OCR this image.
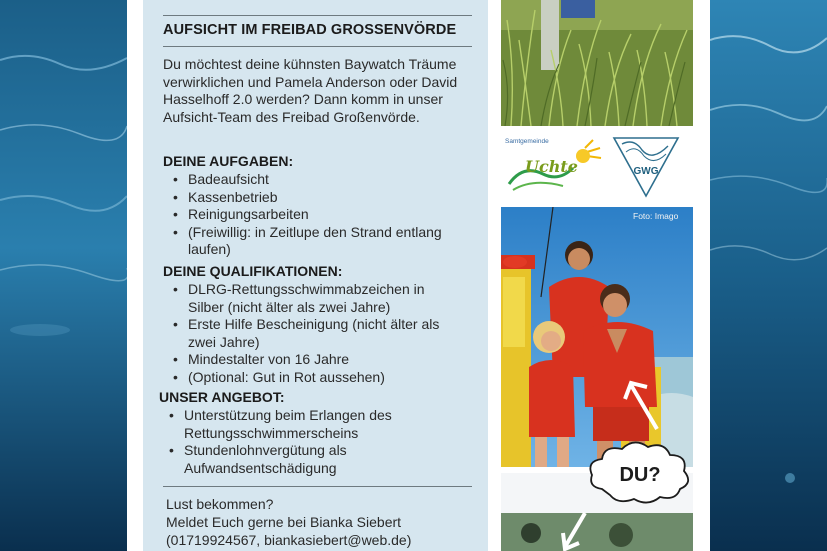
AUFSICHT IM FREIBAD GROSSENVÖRDE
Du möchtest deine kühnsten Baywatch Träume verwirklichen und Pamela Anderson oder David Hasselhoff 2.0 werden? Dann komm in unser Aufsicht-Team des Freibad Großenvörde.
DEINE AUFGABEN:
• Badeaufsicht
• Kassenbetrieb
• Reinigungsarbeiten
• (Freiwillig: in Zeitlupe den Strand entlang laufen)
DEINE QUALIFIKATIONEN:
• DLRG-Rettungsschwimmabzeichen in Silber (nicht älter als zwei Jahre)
• Erste Hilfe Bescheinigung (nicht älter als zwei Jahre)
• Mindestalter von 16 Jahre
• (Optional: Gut in Rot aussehen)
UNSER ANGEBOT:
• Unterstützung beim Erlangen des Rettungsschwimmerscheins
• Stundenlohnvergütung als Aufwandsentschädigung
Lust bekommen?
Meldet Euch gerne bei Bianka Siebert
(01719924567, biankasiebert@web.de)
Samtgemeinde
Uchte	GWG
Foto: Imago
DU?
